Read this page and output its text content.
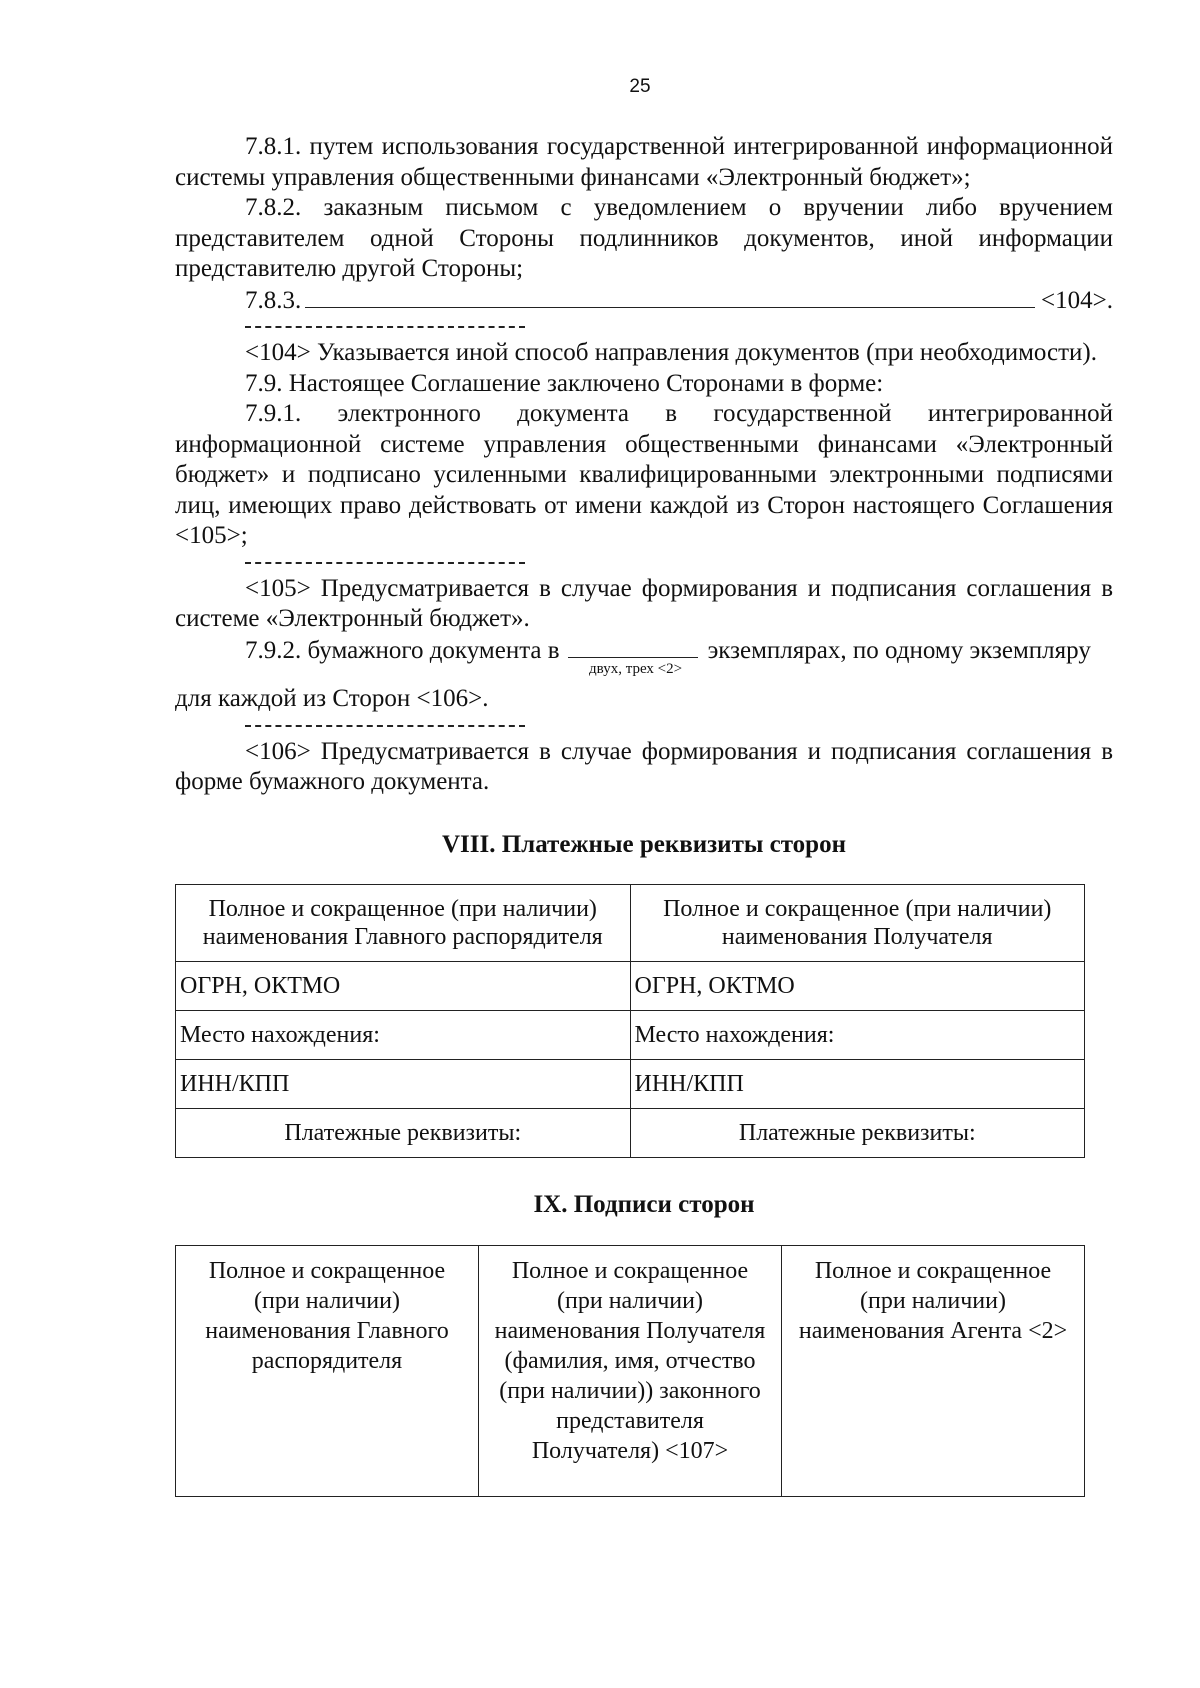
25

7.8.1. путем использования государственной интегрированной информационной системы управления общественными финансами «Электронный бюджет»;

7.8.2. заказным письмом с уведомлением о вручении либо вручением представителем одной Стороны подлинников документов, иной информации представителю другой Стороны;

7.8.3.	<104>.

<104> Указывается иной способ направления документов (при необходимости).

7.9. Настоящее Соглашение заключено Сторонами в форме:

7.9.1. электронного документа в государственной интегрированной информационной системе управления общественными финансами «Электронный бюджет» и подписано усиленными квалифицированными электронными подписями лиц, имеющих право действовать от имени каждой из Сторон настоящего Соглашения <105>;

<105> Предусматривается в случае формирования и подписания соглашения в системе «Электронный бюджет».

7.9.2. бумажного документа в
двух, трех <2>
экземплярах, по одному экземпляру

для каждой из Сторон <106>.

<106> Предусматривается в случае формирования и подписания соглашения в форме бумажного документа.

VIII. Платежные реквизиты сторон

Полное и сокращенное (при наличии) наименования Главного распорядителя	Полное и сокращенное (при наличии) наименования Получателя
ОГРН, ОКТМО	ОГРН, ОКТМО
Место нахождения:	Место нахождения:
ИНН/КПП	ИНН/КПП
Платежные реквизиты:	Платежные реквизиты:

IX. Подписи сторон

Полное и сокращенное (при наличии) наименования Главного распорядителя	Полное и сокращенное (при наличии) наименования Получателя (фамилия, имя, отчество (при наличии)) законного представителя Получателя) <107>	Полное и сокращенное (при наличии) наименования Агента <2>
